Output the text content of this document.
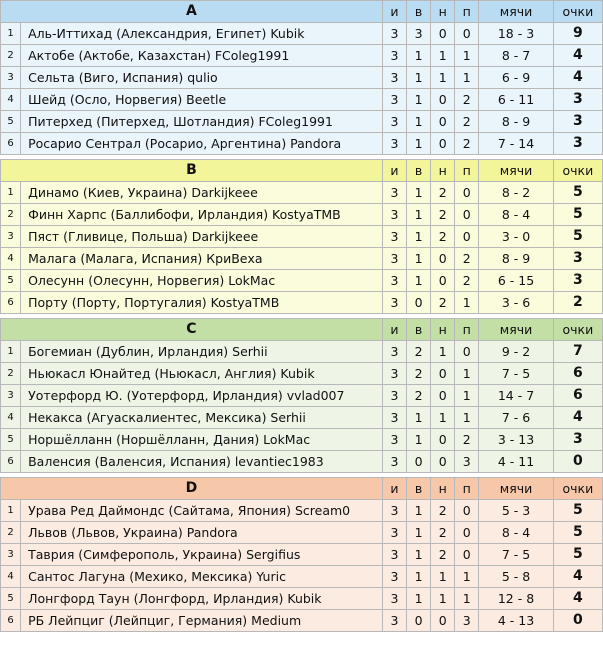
A		и	в	н	п	мячи	очки
1	Аль-Иттихад (Александрия, Египет) Kubik	3	3	0	0	18 - 3	9
2	Актобе (Актобе, Казахстан) FColeg1991	3	1	1	1	8 - 7	4
3	Сельта (Виго, Испания) qulio	3	1	1	1	6 - 9	4
4	Шейд (Осло, Норвегия) Beetle	3	1	0	2	6 - 11	3
5	Питерхед (Питерхед, Шотландия) FColeg1991	3	1	0	2	8 - 9	3
6	Росарио Сентрал (Росарио, Аргентина) Pandora	3	1	0	2	7 - 14	3
B		и	в	н	п	мячи	очки
1	Динамо (Киев, Украина) Darkijkeee	3	1	2	0	8 - 2	5
2	Финн Харпс (Баллибофи, Ирландия) KostyaTMB	3	1	2	0	8 - 4	5
3	Пяст (Гливице, Польша) Darkijkeee	3	1	2	0	3 - 0	5
4	Малага (Малага, Испания) КриВеха	3	1	0	2	8 - 9	3
5	Олесунн (Олесунн, Норвегия) LokMac	3	1	0	2	6 - 15	3
6	Порту (Порту, Португалия) KostyaTMB	3	0	2	1	3 - 6	2
C		и	в	н	п	мячи	очки
1	Богемиан (Дублин, Ирландия) Serhii	3	2	1	0	9 - 2	7
2	Ньюкасл Юнайтед (Ньюкасл, Англия) Kubik	3	2	0	1	7 - 5	6
3	Уотерфорд Ю. (Уотерфорд, Ирландия) vvlad007	3	2	0	1	14 - 7	6
4	Некакса (Агуаскалиентес, Мексика) Serhii	3	1	1	1	7 - 6	4
5	Норшёлланн (Норшёлланн, Дания) LokMac	3	1	0	2	3 - 13	3
6	Валенсия (Валенсия, Испания) levantiec1983	3	0	0	3	4 - 11	0
D		и	в	н	п	мячи	очки
1	Урава Ред Даймондс (Сайтама, Япония) Scream0	3	1	2	0	5 - 3	5
2	Львов (Львов, Украина) Pandora	3	1	2	0	8 - 4	5
3	Таврия (Симферополь, Украина) Sergifius	3	1	2	0	7 - 5	5
4	Сантос Лагуна (Мехико, Мексика) Yuric	3	1	1	1	5 - 8	4
5	Лонгфорд Таун (Лонгфорд, Ирландия) Kubik	3	1	1	1	12 - 8	4
6	РБ Лейпциг (Лейпциг, Германия) Medium	3	0	0	3	4 - 13	0
